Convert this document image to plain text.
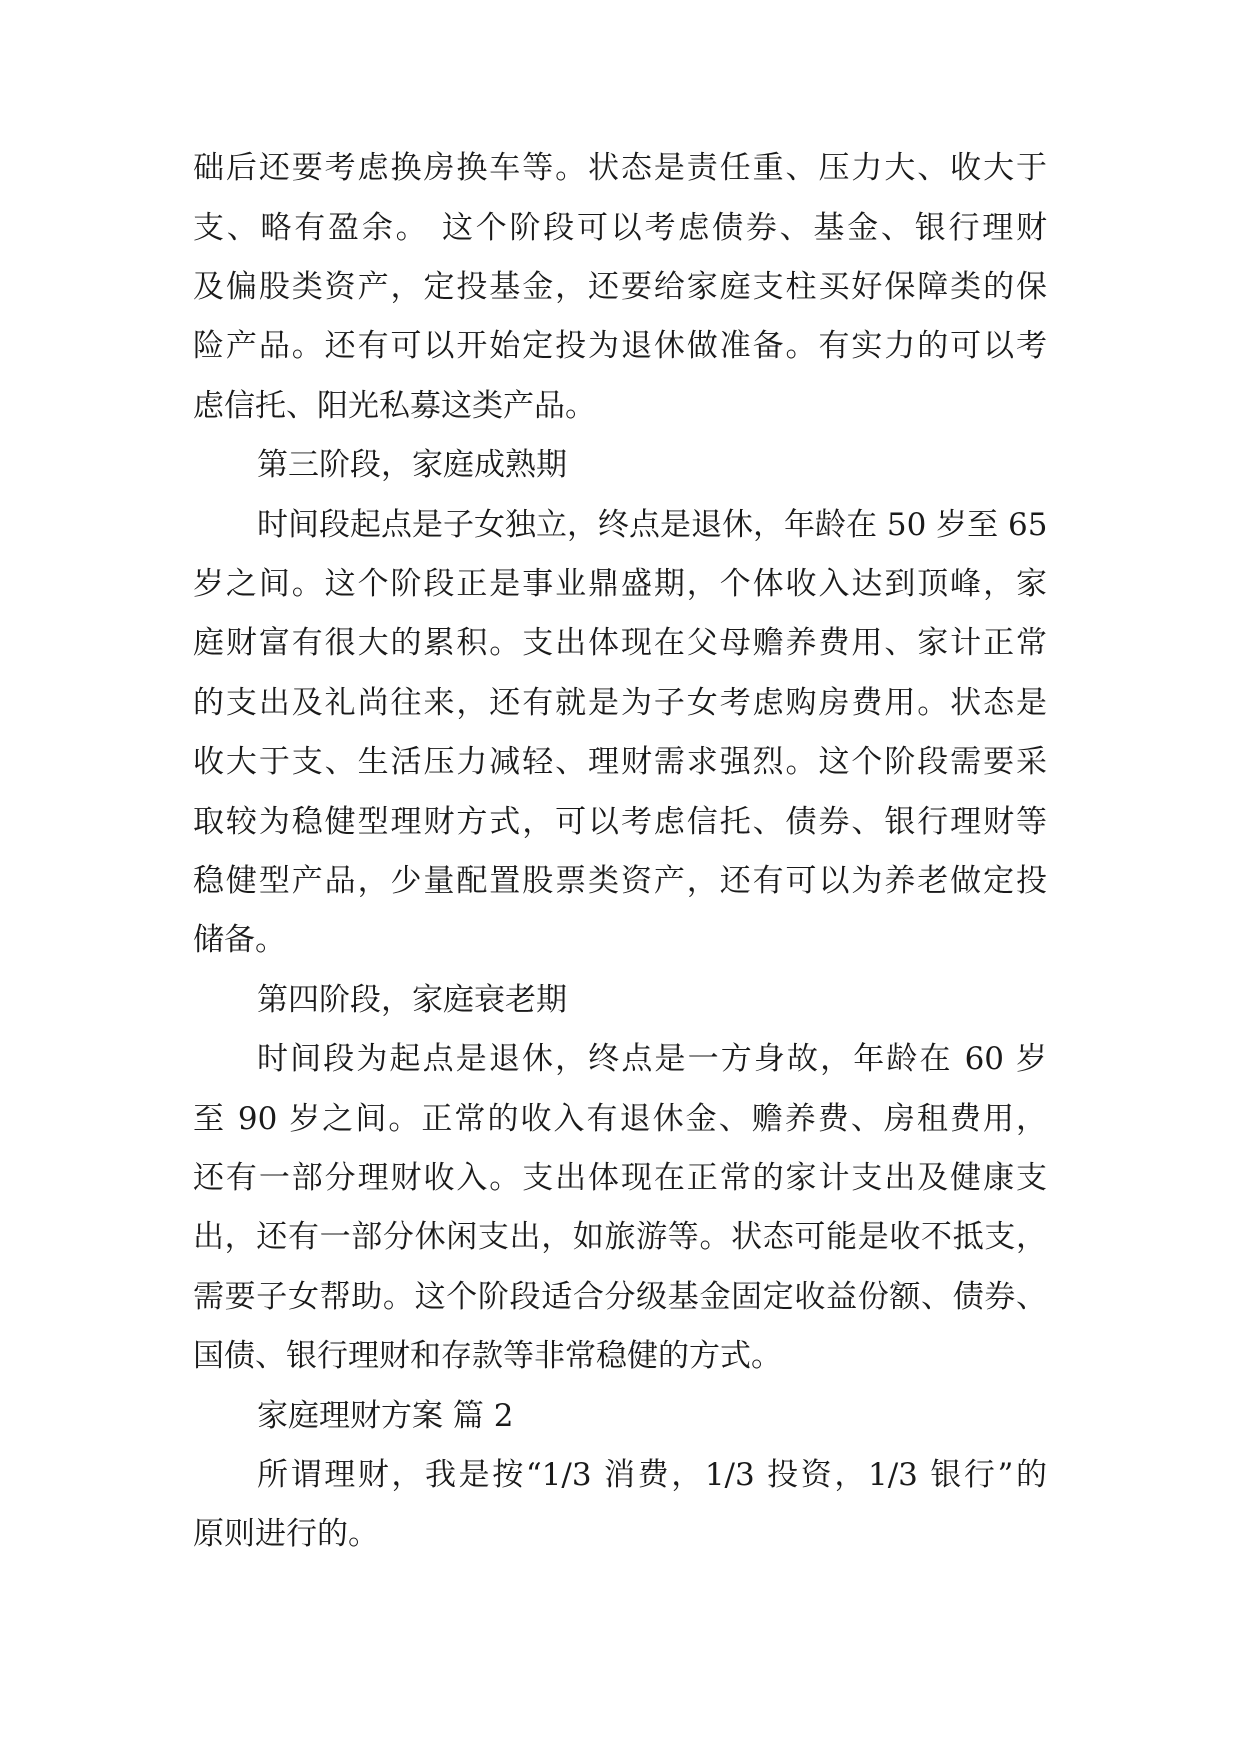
础后还要考虑换房换车等。状态是责任重、压力大、收大于
支、略有盈余。 这个阶段可以考虑债券、基金、银行理财
及偏股类资产，定投基金，还要给家庭支柱买好保障类的保
险产品。还有可以开始定投为退休做准备。有实力的可以考
虑信托、阳光私募这类产品。
第三阶段，家庭成熟期
时间段起点是子女独立，终点是退休，年龄在 50 岁至 65
岁之间。这个阶段正是事业鼎盛期，个体收入达到顶峰，家
庭财富有很大的累积。支出体现在父母赡养费用、家计正常
的支出及礼尚往来，还有就是为子女考虑购房费用。状态是
收大于支、生活压力减轻、理财需求强烈。这个阶段需要采
取较为稳健型理财方式，可以考虑信托、债券、银行理财等
稳健型产品，少量配置股票类资产，还有可以为养老做定投
储备。
第四阶段，家庭衰老期
时间段为起点是退休，终点是一方身故，年龄在 60 岁
至 90 岁之间。正常的收入有退休金、赡养费、房租费用，
还有一部分理财收入。支出体现在正常的家计支出及健康支
出，还有一部分休闲支出，如旅游等。状态可能是收不抵支，
需要子女帮助。这个阶段适合分级基金固定收益份额、债券、
国债、银行理财和存款等非常稳健的方式。
家庭理财方案 篇 2
所谓理财，我是按“1/3 消费，1/3 投资，1/3 银行”的
原则进行的。
